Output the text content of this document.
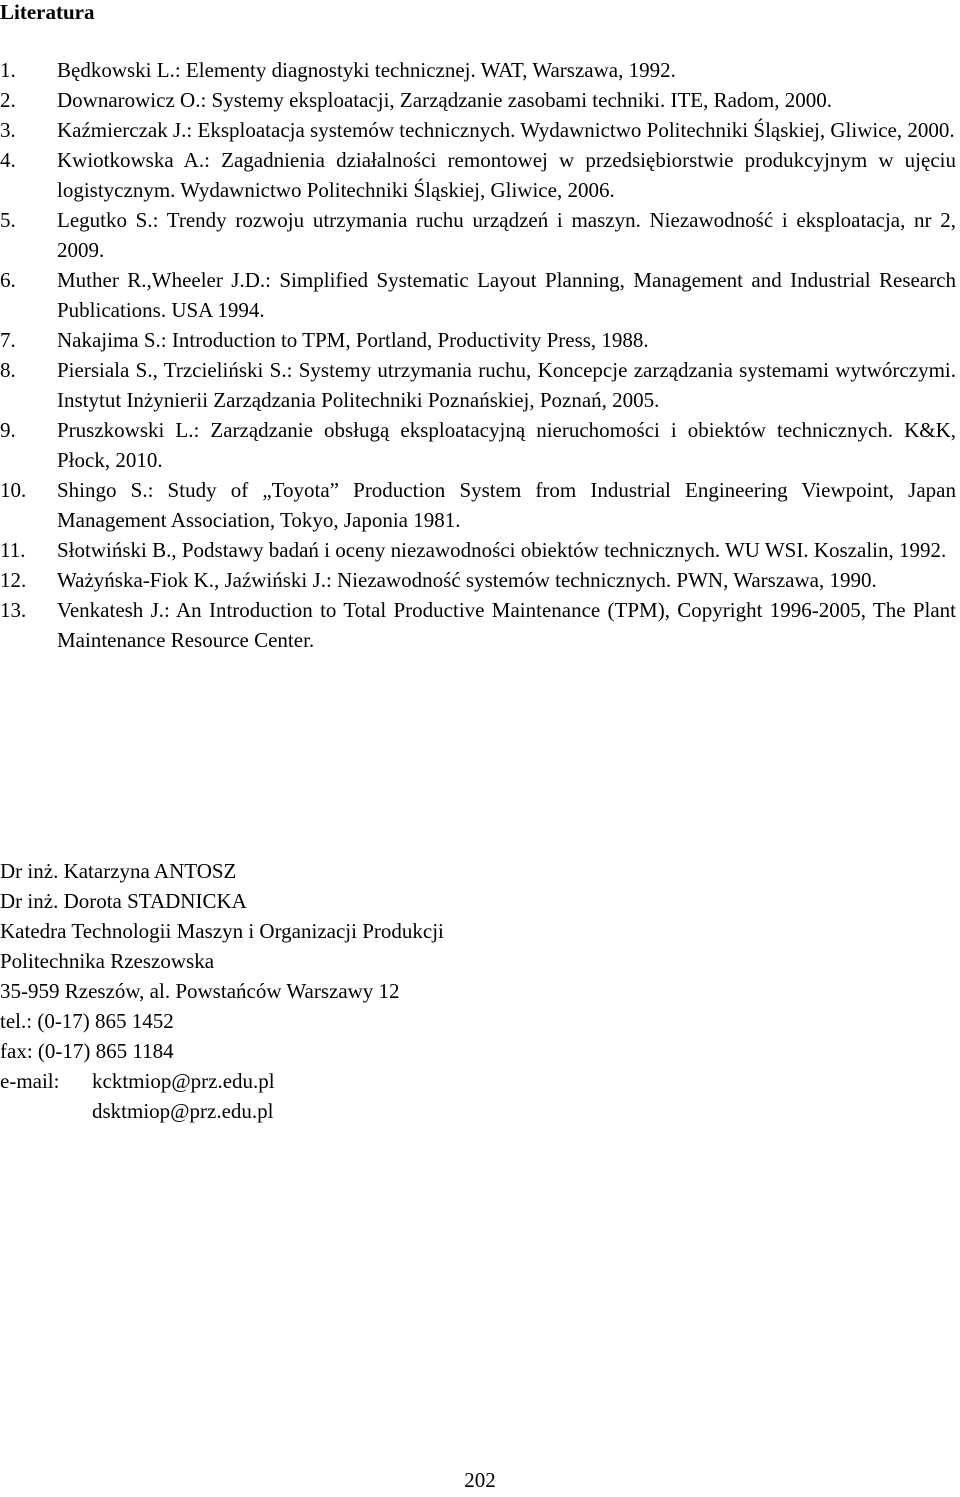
Literatura
1.	Będkowski L.: Elementy diagnostyki technicznej. WAT, Warszawa, 1992.
2.	Downarowicz O.: Systemy eksploatacji, Zarządzanie zasobami techniki. ITE, Radom, 2000.
3.	Kaźmierczak J.: Eksploatacja systemów technicznych. Wydawnictwo Politechniki Śląskiej, Gliwice, 2000.
4.	Kwiotkowska A.: Zagadnienia działalności remontowej w przedsiębiorstwie produkcyjnym w ujęciu logistycznym. Wydawnictwo Politechniki Śląskiej, Gliwice, 2006.
5.	Legutko S.: Trendy rozwoju utrzymania ruchu urządzeń i maszyn. Niezawodność i eksploatacja, nr 2, 2009.
6.	Muther R.,Wheeler J.D.: Simplified Systematic Layout Planning, Management and Industrial Research Publications. USA 1994.
7.	Nakajima S.: Introduction to TPM, Portland, Productivity Press, 1988.
8.	Piersiala S., Trzcieliński S.: Systemy utrzymania ruchu, Koncepcje zarządzania systemami wytwórczymi. Instytut Inżynierii Zarządzania Politechniki Poznańskiej, Poznań, 2005.
9.	Pruszkowski L.: Zarządzanie obsługą eksploatacyjną nieruchomości i obiektów technicznych. K&K, Płock, 2010.
10.	Shingo S.: Study of „Toyota” Production System from Industrial Engineering Viewpoint, Japan Management Association, Tokyo, Japonia 1981.
11.	Słotwiński B., Podstawy badań i oceny niezawodności obiektów technicznych. WU WSI. Koszalin, 1992.
12.	Ważyńska-Fiok K., Jaźwiński J.: Niezawodność systemów technicznych. PWN, Warszawa, 1990.
13.	Venkatesh J.: An Introduction to Total Productive Maintenance (TPM), Copyright 1996-2005, The Plant Maintenance Resource Center.
Dr inż. Katarzyna ANTOSZ
Dr inż. Dorota STADNICKA
Katedra Technologii Maszyn i Organizacji Produkcji
Politechnika Rzeszowska
35-959 Rzeszów, al. Powstańców Warszawy 12
tel.: (0-17) 865 1452
fax: (0-17) 865 1184
e-mail:	kcktmiop@prz.edu.pl
dsktmiop@prz.edu.pl
202
